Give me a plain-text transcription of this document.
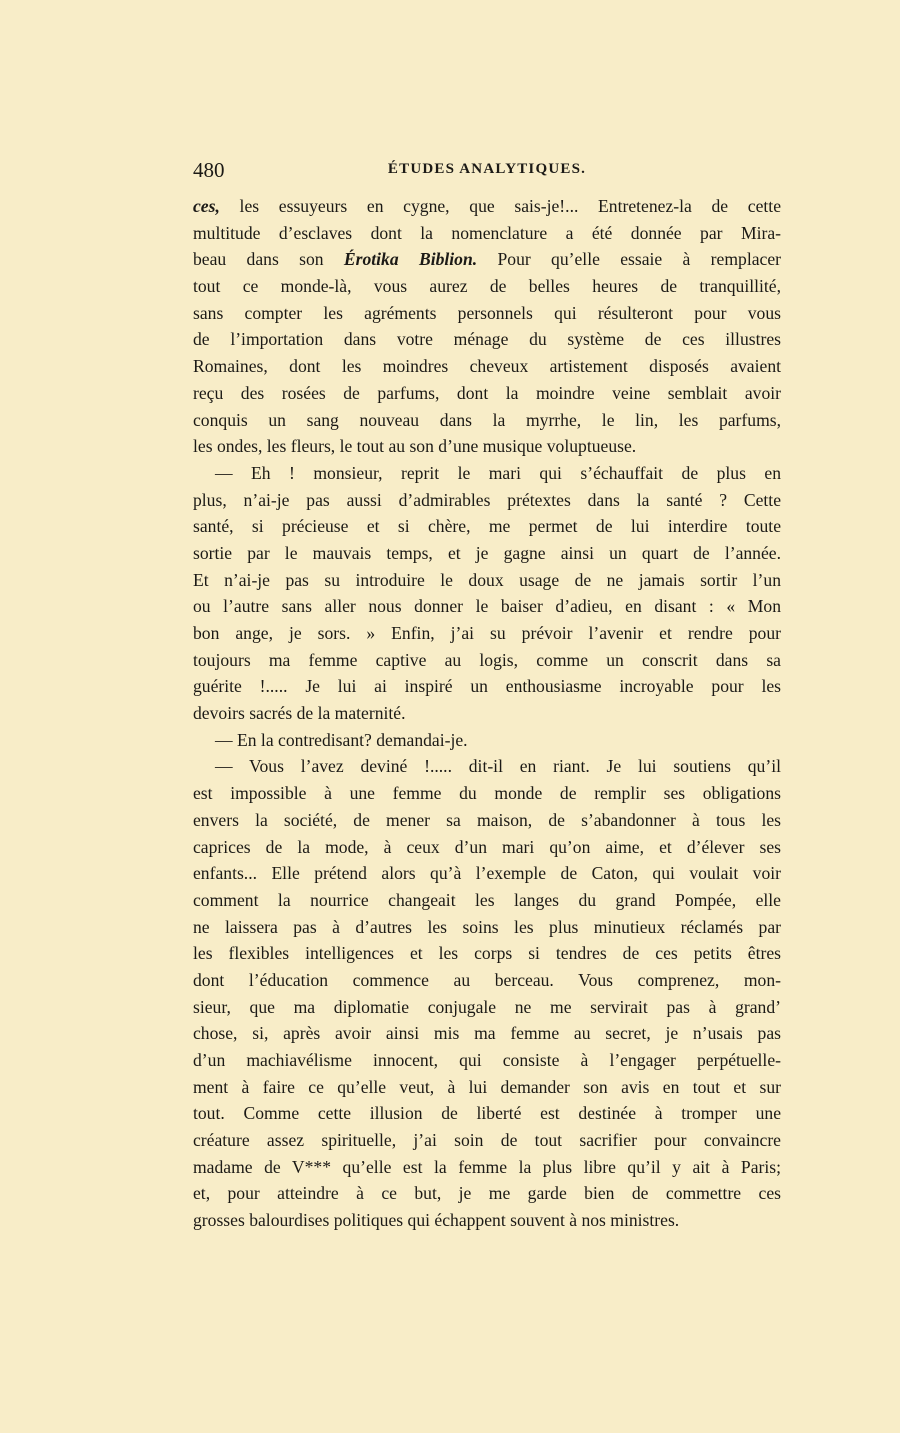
480	ÉTUDES ANALYTIQUES.
ces, les essuyeurs en cygne, que sais-je!... Entretenez-la de cette
multitude d’esclaves dont la nomenclature a été donnée par Mira-
beau dans son Érotika Biblion. Pour qu’elle essaie à remplacer
tout ce monde-là, vous aurez de belles heures de tranquillité,
sans compter les agréments personnels qui résulteront pour vous
de l’importation dans votre ménage du système de ces illustres
Romaines, dont les moindres cheveux artistement disposés avaient
reçu des rosées de parfums, dont la moindre veine semblait avoir
conquis un sang nouveau dans la myrrhe, le lin, les parfums,
les ondes, les fleurs, le tout au son d’une musique voluptueuse.
— Eh ! monsieur, reprit le mari qui s’échauffait de plus en
plus, n’ai-je pas aussi d’admirables prétextes dans la santé ? Cette
santé, si précieuse et si chère, me permet de lui interdire toute
sortie par le mauvais temps, et je gagne ainsi un quart de l’année.
Et n’ai-je pas su introduire le doux usage de ne jamais sortir l’un
ou l’autre sans aller nous donner le baiser d’adieu, en disant : « Mon
bon ange, je sors. » Enfin, j’ai su prévoir l’avenir et rendre pour
toujours ma femme captive au logis, comme un conscrit dans sa
guérite !..... Je lui ai inspiré un enthousiasme incroyable pour les
devoirs sacrés de la maternité.
— En la contredisant? demandai-je.
— Vous l’avez deviné !..... dit-il en riant. Je lui soutiens qu’il
est impossible à une femme du monde de remplir ses obligations
envers la société, de mener sa maison, de s’abandonner à tous les
caprices de la mode, à ceux d’un mari qu’on aime, et d’élever ses
enfants... Elle prétend alors qu’à l’exemple de Caton, qui voulait voir
comment la nourrice changeait les langes du grand Pompée, elle
ne laissera pas à d’autres les soins les plus minutieux réclamés par
les flexibles intelligences et les corps si tendres de ces petits êtres
dont l’éducation commence au berceau. Vous comprenez, mon-
sieur, que ma diplomatie conjugale ne me servirait pas à grand’
chose, si, après avoir ainsi mis ma femme au secret, je n’usais pas
d’un machiavélisme innocent, qui consiste à l’engager perpétuelle-
ment à faire ce qu’elle veut, à lui demander son avis en tout et sur
tout. Comme cette illusion de liberté est destinée à tromper une
créature assez spirituelle, j’ai soin de tout sacrifier pour convaincre
madame de V*** qu’elle est la femme la plus libre qu’il y ait à Paris;
et, pour atteindre à ce but, je me garde bien de commettre ces
grosses balourdises politiques qui échappent souvent à nos ministres.
